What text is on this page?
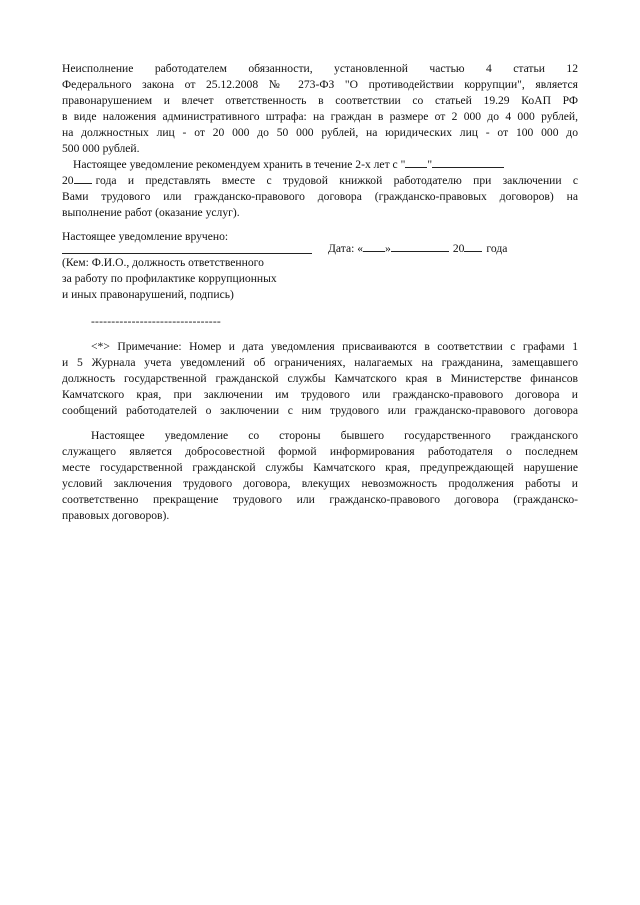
Неисполнение работодателем обязанности, установленной частью 4 статьи 12
Федерального закона от 25.12.2008 № 273-ФЗ "О противодействии коррупции", является
правонарушением и влечет ответственность в соответствии со статьей 19.29 КоАП РФ
в виде наложения административного штрафа: на граждан в размере от 2 000 до 4 000 рублей,
на должностных лиц - от 20 000 до 50 000 рублей, на юридических лиц - от 100 000 до
500 000 рублей.
Настоящее уведомление рекомендуем хранить в течение 2-х лет с " "
20 года и представлять вместе с трудовой книжкой работодателю при заключении с
Вами трудового или гражданско-правового договора (гражданско-правовых договоров) на
выполнение работ (оказание услуг).
Настоящее уведомление вручено:
Дата: « »	20 года
(Кем: Ф.И.О., должность ответственного
за работу по профилактике коррупционных
и иных правонарушений, подпись)
--------------------------------
<*> Примечание: Номер и дата уведомления присваиваются в соответствии с графами 1
и 5 Журнала учета уведомлений об ограничениях, налагаемых на гражданина, замещавшего
должность государственной гражданской службы Камчатского края в Министерстве финансов
Камчатского края, при заключении им трудового или гражданско-правового договора и
сообщений работодателей о заключении с ним трудового или гражданско-правового договора
Настоящее уведомление со стороны бывшего государственного гражданского
служащего является добросовестной формой информирования работодателя о последнем
месте государственной гражданской службы Камчатского края, предупреждающей нарушение
условий заключения трудового договора, влекущих невозможность продолжения работы и
соответственно прекращение трудового или гражданско-правового договора (гражданско-
правовых договоров).
